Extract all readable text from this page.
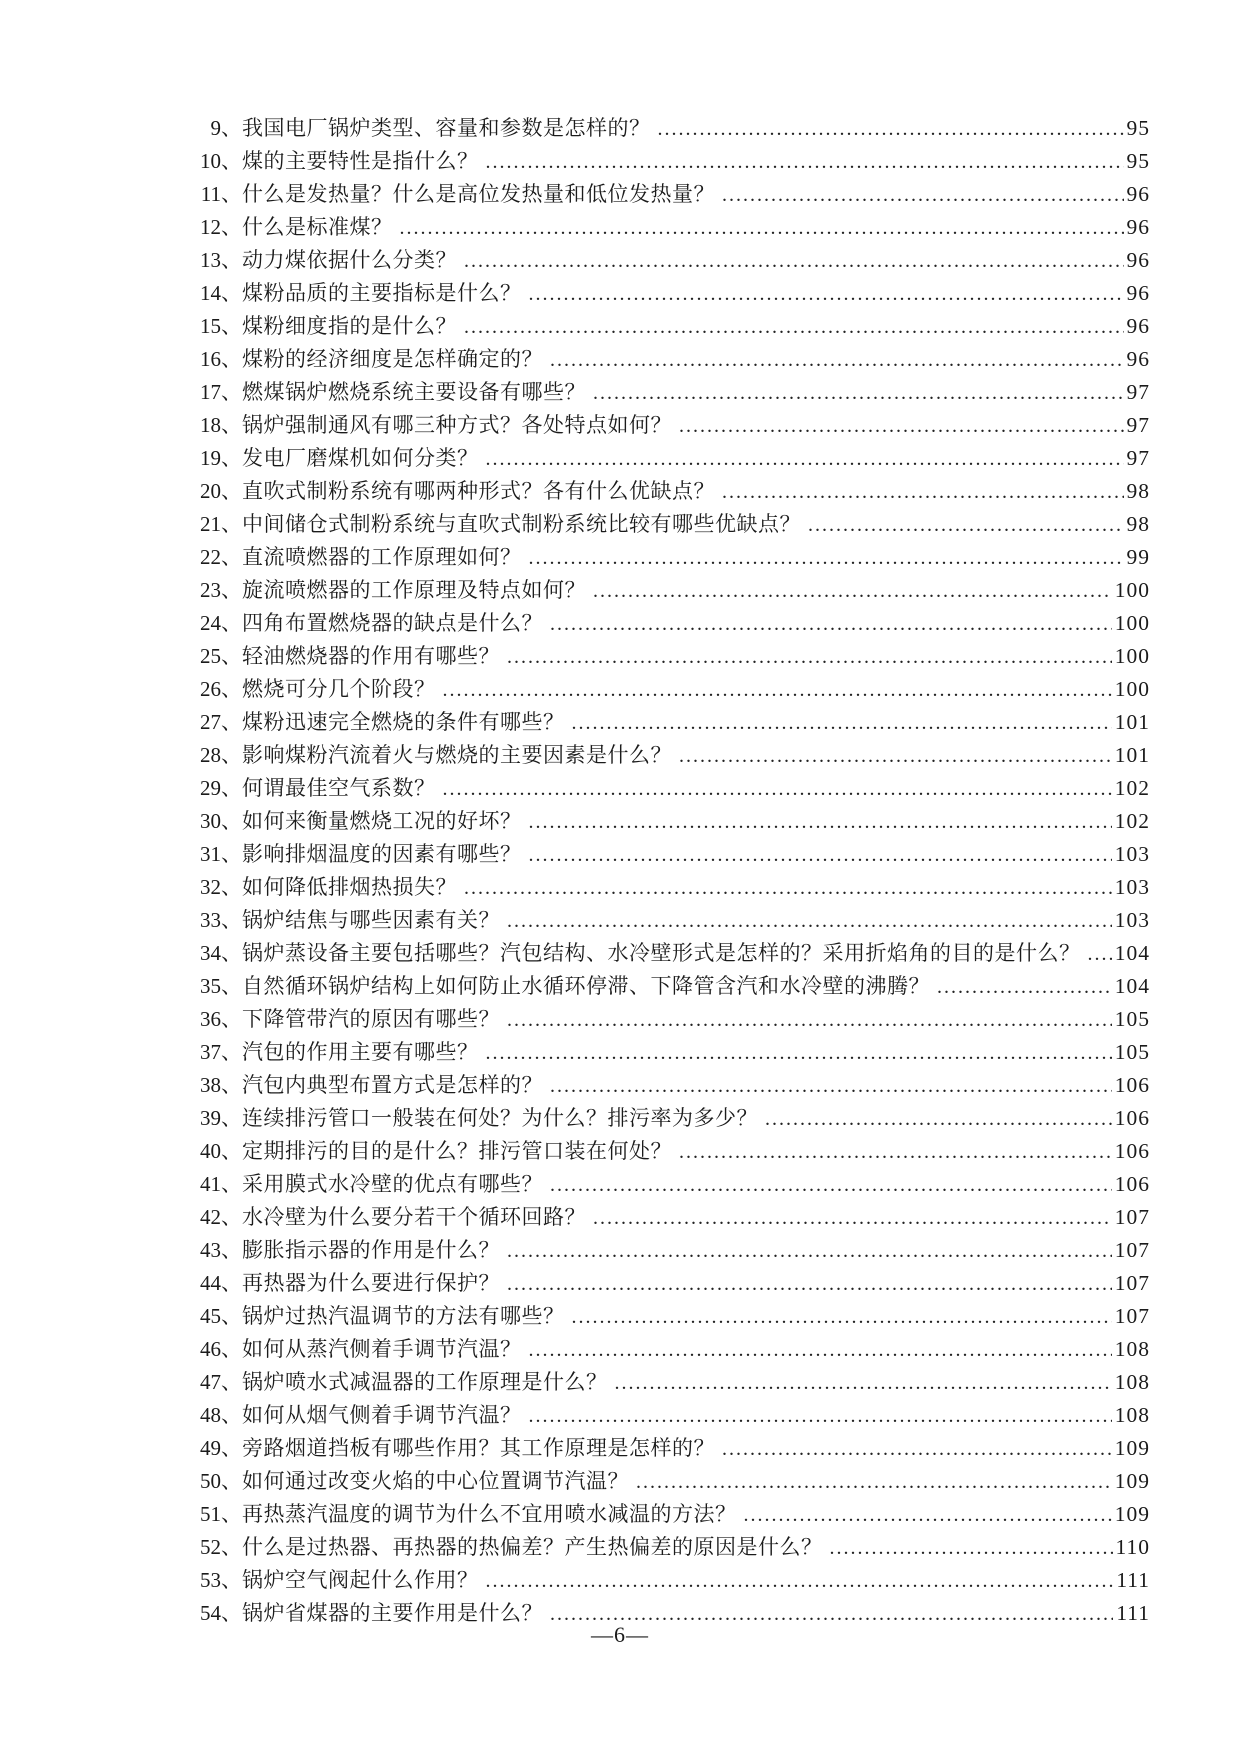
9、 我国电厂锅炉类型、容量和参数是怎样的？ .....	95
10、 煤的主要特性是指什么？ .....	95
11、 什么是发热量？什么是高位发热量和低位发热量？ .....	96
12、 什么是标准煤？ .....	96
13、 动力煤依据什么分类？ .....	96
14、 煤粉品质的主要指标是什么？ .....	96
15、 煤粉细度指的是什么？ .....	96
16、 煤粉的经济细度是怎样确定的？ .....	96
17、 燃煤锅炉燃烧系统主要设备有哪些？ .....	97
18、 锅炉强制通风有哪三种方式？各处特点如何？ .....	97
19、 发电厂磨煤机如何分类？ .....	97
20、 直吹式制粉系统有哪两种形式？各有什么优缺点？ .....	98
21、 中间储仓式制粉系统与直吹式制粉系统比较有哪些优缺点？ .....	98
22、 直流喷燃器的工作原理如何？ .....	99
23、 旋流喷燃器的工作原理及特点如何？ .....	100
24、 四角布置燃烧器的缺点是什么？ .....	100
25、 轻油燃烧器的作用有哪些？ .....	100
26、 燃烧可分几个阶段？ .....	100
27、 煤粉迅速完全燃烧的条件有哪些？ .....	101
28、 影响煤粉汽流着火与燃烧的主要因素是什么？ .....	101
29、 何谓最佳空气系数？ .....	102
30、 如何来衡量燃烧工况的好坏？ .....	102
31、 影响排烟温度的因素有哪些？ .....	103
32、 如何降低排烟热损失？ .....	103
33、 锅炉结焦与哪些因素有关？ .....	103
34、 锅炉蒸设备主要包括哪些？汽包结构、水冷壁形式是怎样的？采用折焰角的目的是什么？ ..... 104
35、 自然循环锅炉结构上如何防止水循环停滞、下降管含汽和水冷壁的沸腾？ .....	104
36、 下降管带汽的原因有哪些？ .....	105
37、 汽包的作用主要有哪些？ .....	105
38、 汽包内典型布置方式是怎样的？ .....	106
39、 连续排污管口一般装在何处？为什么？排污率为多少？ .....	106
40、 定期排污的目的是什么？排污管口装在何处？ .....	106
41、 采用膜式水冷壁的优点有哪些？ .....	106
42、 水冷壁为什么要分若干个循环回路？ .....	107
43、 膨胀指示器的作用是什么？ .....	107
44、 再热器为什么要进行保护？ .....	107
45、 锅炉过热汽温调节的方法有哪些？ .....	107
46、 如何从蒸汽侧着手调节汽温？ .....	108
47、 锅炉喷水式减温器的工作原理是什么？ .....	108
48、 如何从烟气侧着手调节汽温？ .....	108
49、 旁路烟道挡板有哪些作用？其工作原理是怎样的？ .....	109
50、 如何通过改变火焰的中心位置调节汽温？ .....	109
51、 再热蒸汽温度的调节为什么不宜用喷水减温的方法？ .....	109
52、 什么是过热器、再热器的热偏差？产生热偏差的原因是什么？ .....	110
53、 锅炉空气阀起什么作用？ .....	111
54、 锅炉省煤器的主要作用是什么？ .....	111
—6—
